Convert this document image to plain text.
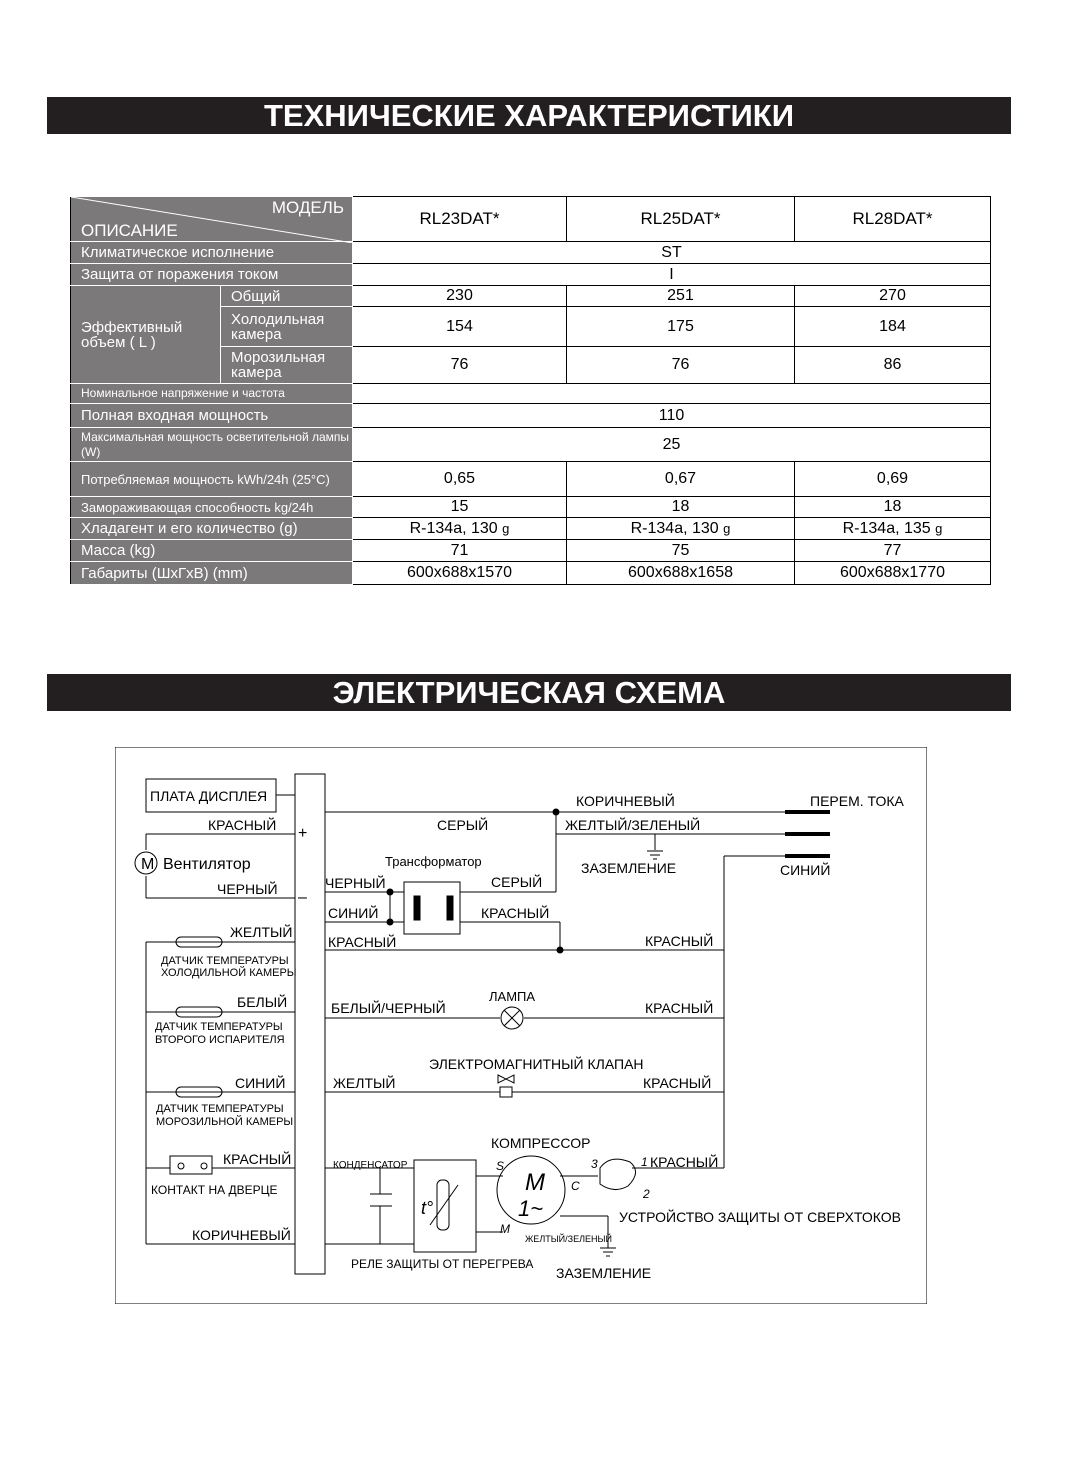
ТЕХНИЧЕСКИЕ ХАРАКТЕРИСТИКИ
МОДЕЛЬ
ОПИСАНИЕ		RL23DAT*	RL25DAT*	RL28DAT*
Климатическое исполнение		ST		
Защита от поражения током		I		
Эффективный объем ( L )	Общий	230	251	270
	Холодильная камера	154	175	184
	Морозильная камера	76	76	86
Номинальное напряжение и частота				
Полная входная мощность		110		
Максимальная мощность осветительной лампы (W)		25		
Потребляемая мощность kWh/24h (25°C)		0,65	0,67	0,69
Замораживающая способность kg/24h		15	18	18
Хладагент и его количество (g)		R-134a, 130 g	R-134a, 130 g	R-134a, 135 g
Масса (kg)		71	75	77
Габариты (ШхГхВ) (mm)		600x688x1570	600x688x1658	600x688x1770
ЭЛЕКТРИЧЕСКАЯ СХЕМА
ПЛАТА ДИСПЛЕЯ
M Вентилятор
+
–
КРАСНЫЙ
ЧЕРНЫЙ
СЕРЫЙ
КОРИЧНЕВЫЙ
ЖЕЛТЫЙ/ЗЕЛЕНЫЙ
ПЕРЕМ. ТОКА
ЗАЗЕМЛЕНИЕ	СИНИЙ
Трансформатор
ЧЕРНЫЙ	СЕРЫЙ
СИНИЙ	КРАСНЫЙ
КРАСНЫЙ	КРАСНЫЙ
ЖЕЛТЫЙ
БЕЛЫЙ
СИНИЙ
КРАСНЫЙ
КОРИЧНЕВЫЙ
БЕЛЫЙ/ЧЕРНЫЙ
ЛАМПА
КРАСНЫЙ
ЭЛЕКТРОМАГНИТНЫЙ КЛАПАН
ЖЕЛТЫЙ	КРАСНЫЙ
КРАСНЫЙ
КОМПРЕССОР
УСТРОЙСТВО ЗАЩИТЫ ОТ СВЕРХТОКОВ
ЗАЗЕМЛЕНИЕ
ДАТЧИК ТЕМПЕРАТУРЫ
ХОЛОДИЛЬНОЙ КАМЕРЫ
ДАТЧИК ТЕМПЕРАТУРЫ
ВТОРОГО ИСПАРИТЕЛЯ
ДАТЧИК ТЕМПЕРАТУРЫ
МОРОЗИЛЬНОЙ КАМЕРЫ
КОНТАКТ НА ДВЕРЦЕ
КОНДЕНСАТОР
РЕЛЕ ЗАЩИТЫ ОТ ПЕРЕГРЕВА
ЖЕЛТЫЙ/ЗЕЛЕНЫЙ
t°
M
1~
S
C
M
3	1
2
